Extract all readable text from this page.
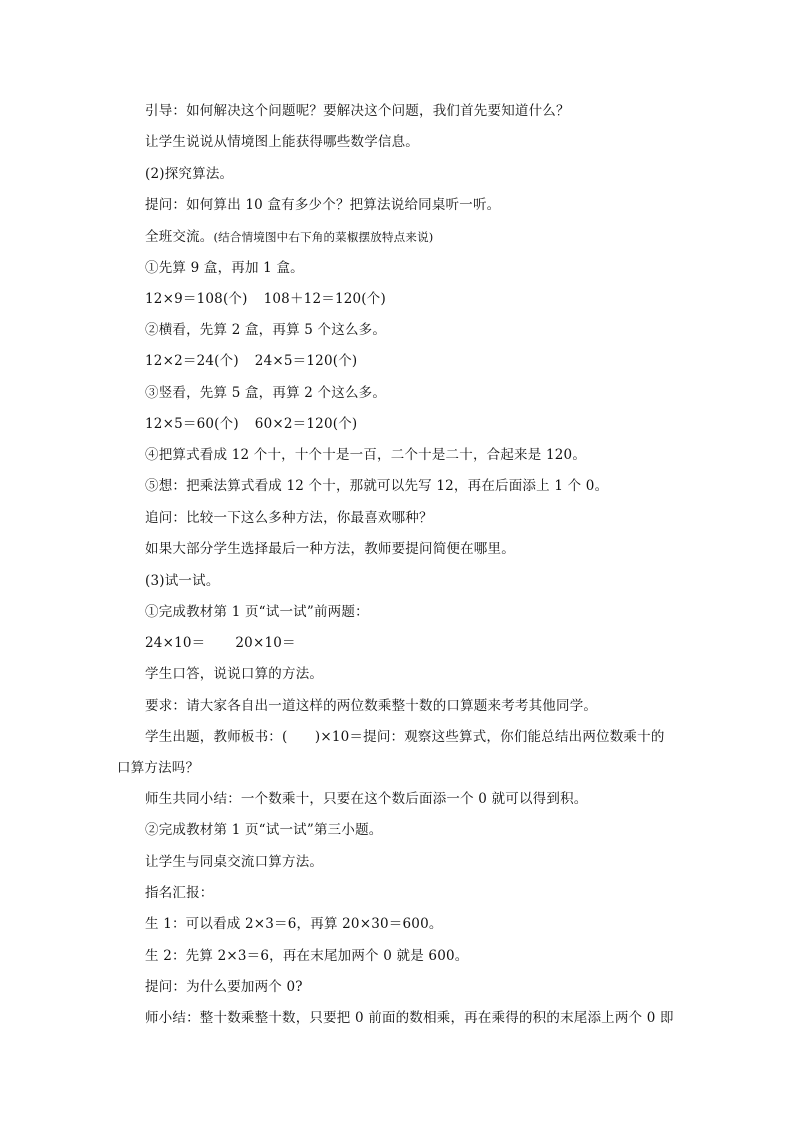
引导：如何解决这个问题呢？要解决这个问题，我们首先要知道什么？
让学生说说从情境图上能获得哪些数学信息。
(2)探究算法。
提问：如何算出 10 盒有多少个？把算法说给同桌听一听。
全班交流。(结合情境图中右下角的菜椒摆放特点来说)
①先算 9 盒，再加 1 盒。
12×9＝108(个) 108＋12＝120(个)
②横看，先算 2 盒，再算 5 个这么多。
12×2＝24(个) 24×5＝120(个)
③竖看，先算 5 盒，再算 2 个这么多。
12×5＝60(个) 60×2＝120(个)
④把算式看成 12 个十，十个十是一百，二个十是二十，合起来是 120。
⑤想：把乘法算式看成 12 个十，那就可以先写 12，再在后面添上 1 个 0。
追问：比较一下这么多种方法，你最喜欢哪种？
如果大部分学生选择最后一种方法，教师要提问简便在哪里。
(3)试一试。
①完成教材第 1 页“试一试”前两题：
24×10＝ 20×10＝
学生口答，说说口算的方法。
要求：请大家各自出一道这样的两位数乘整十数的口算题来考考其他同学。
学生出题，教师板书：(　　)×10＝提问：观察这些算式，你们能总结出两位数乘十的
口算方法吗？
师生共同小结：一个数乘十，只要在这个数后面添一个 0 就可以得到积。
②完成教材第 1 页“试一试”第三小题。
让学生与同桌交流口算方法。
指名汇报：
生 1：可以看成 2×3＝6，再算 20×30＝600。
生 2：先算 2×3＝6，再在末尾加两个 0 就是 600。
提问：为什么要加两个 0?
师小结：整十数乘整十数，只要把 0 前面的数相乘，再在乘得的积的末尾添上两个 0 即
